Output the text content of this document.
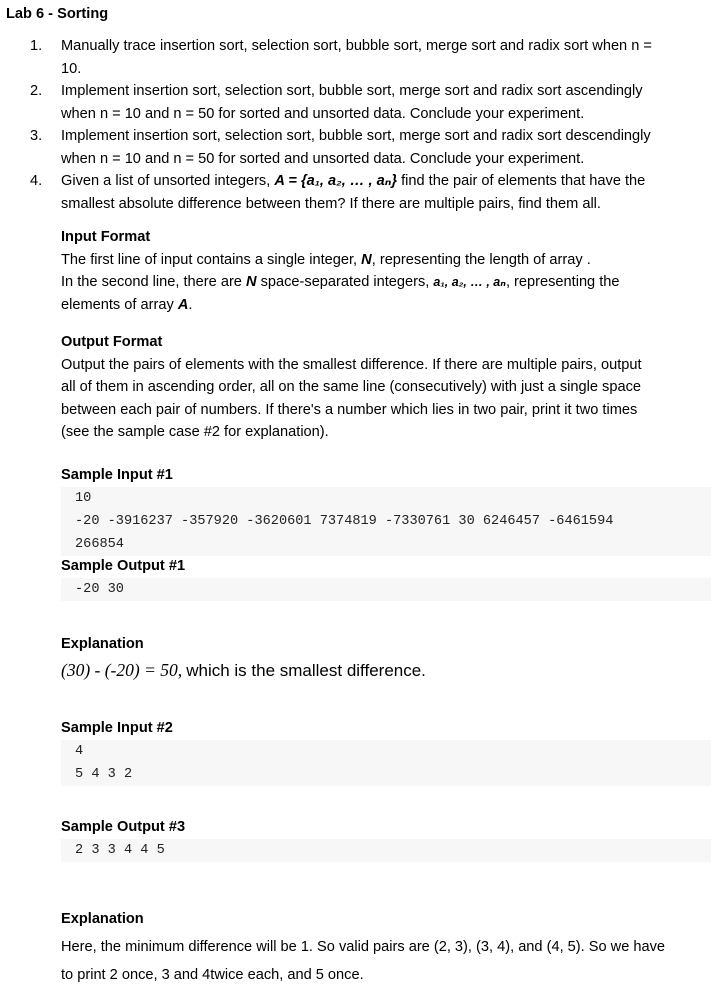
Lab 6 - Sorting
1. Manually trace insertion sort, selection sort, bubble sort, merge sort and radix sort when n =
10.
2. Implement insertion sort, selection sort, bubble sort, merge sort and radix sort ascendingly
when n = 10 and n = 50 for sorted and unsorted data. Conclude your experiment.
3. Implement insertion sort, selection sort, bubble sort, merge sort and radix sort descendingly
when n = 10 and n = 50 for sorted and unsorted data. Conclude your experiment.
4. Given a list of unsorted integers, A = {a₁, a₂, … , aₙ} find the pair of elements that have the
smallest absolute difference between them? If there are multiple pairs, find them all.
Input Format
The first line of input contains a single integer, N, representing the length of array .
In the second line, there are N space-separated integers, a₁, a₂, … , aₙ, representing the
elements of array A.
Output Format
Output the pairs of elements with the smallest difference. If there are multiple pairs, output
all of them in ascending order, all on the same line (consecutively) with just a single space
between each pair of numbers. If there's a number which lies in two pair, print it two times
(see the sample case #2 for explanation).
Sample Input #1
10
-20 -3916237 -357920 -3620601 7374819 -7330761 30 6246457 -6461594
266854
Sample Output #1
-20 30
Explanation
(30) - (-20) = 50, which is the smallest difference.
Sample Input #2
4
5 4 3 2
Sample Output #3
2 3 3 4 4 5
Explanation
Here, the minimum difference will be 1. So valid pairs are (2, 3), (3, 4), and (4, 5). So we have
to print 2 once, 3 and 4twice each, and 5 once.
